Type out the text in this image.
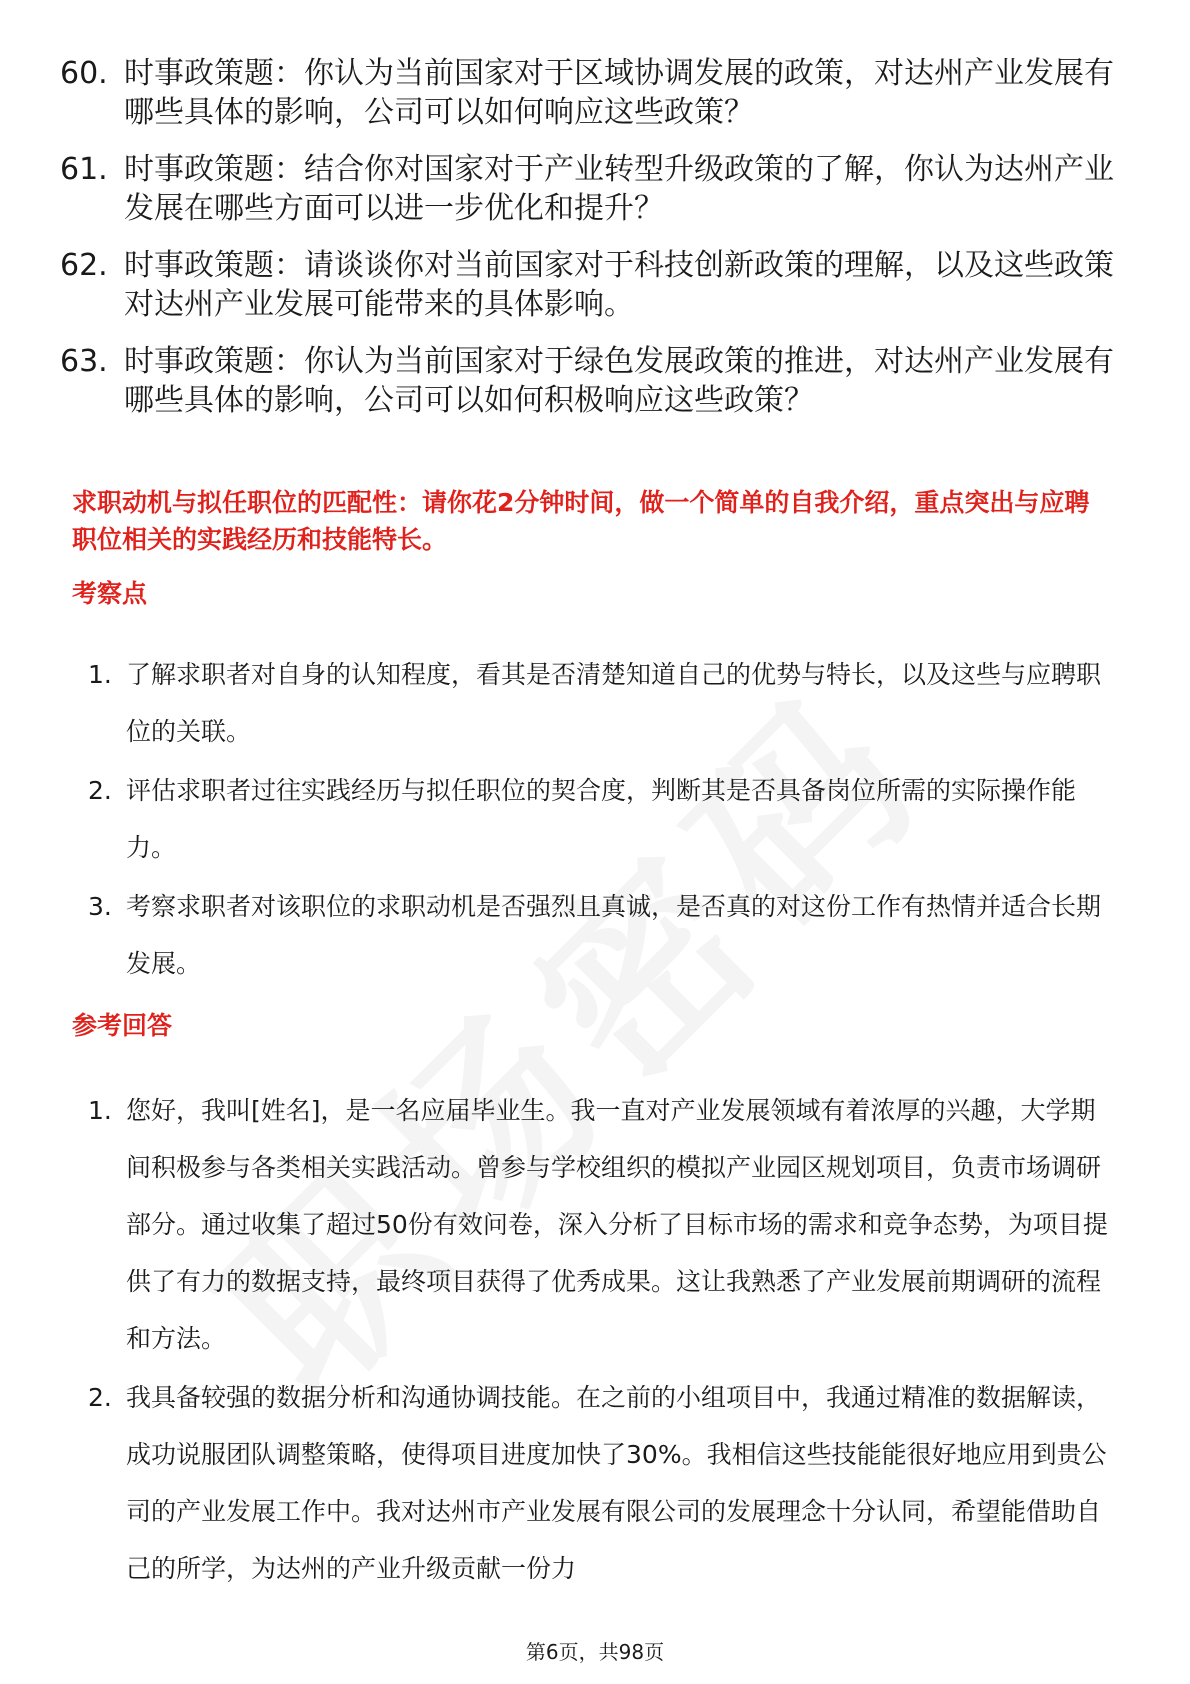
60. 时事政策题：你认为当前国家对于区域协调发展的政策，对达州产业发展有哪些具体的影响，公司可以如何响应这些政策？
61. 时事政策题：结合你对国家对于产业转型升级政策的了解，你认为达州产业发展在哪些方面可以进一步优化和提升？
62. 时事政策题：请谈谈你对当前国家对于科技创新政策的理解，以及这些政策对达州产业发展可能带来的具体影响。
63. 时事政策题：你认为当前国家对于绿色发展政策的推进，对达州产业发展有哪些具体的影响，公司可以如何积极响应这些政策？
求职动机与拟任职位的匹配性：请你花2分钟时间，做一个简单的自我介绍，重点突出与应聘职位相关的实践经历和技能特长。
考察点
1. 了解求职者对自身的认知程度，看其是否清楚知道自己的优势与特长，以及这些与应聘职位的关联。
2. 评估求职者过往实践经历与拟任职位的契合度，判断其是否具备岗位所需的实际操作能力。
3. 考察求职者对该职位的求职动机是否强烈且真诚，是否真的对这份工作有热情并适合长期发展。
参考回答
1. 您好，我叫[姓名]，是一名应届毕业生。我一直对产业发展领域有着浓厚的兴趣，大学期间积极参与各类相关实践活动。曾参与学校组织的模拟产业园区规划项目，负责市场调研部分。通过收集了超过50份有效问卷，深入分析了目标市场的需求和竞争态势，为项目提供了有力的数据支持，最终项目获得了优秀成果。这让我熟悉了产业发展前期调研的流程和方法。
2. 我具备较强的数据分析和沟通协调技能。在之前的小组项目中，我通过精准的数据解读，成功说服团队调整策略，使得项目进度加快了30%。我相信这些技能能很好地应用到贵公司的产业发展工作中。我对达州市产业发展有限公司的发展理念十分认同，希望能借助自己的所学，为达州的产业升级贡献一份力
第6页，共98页
